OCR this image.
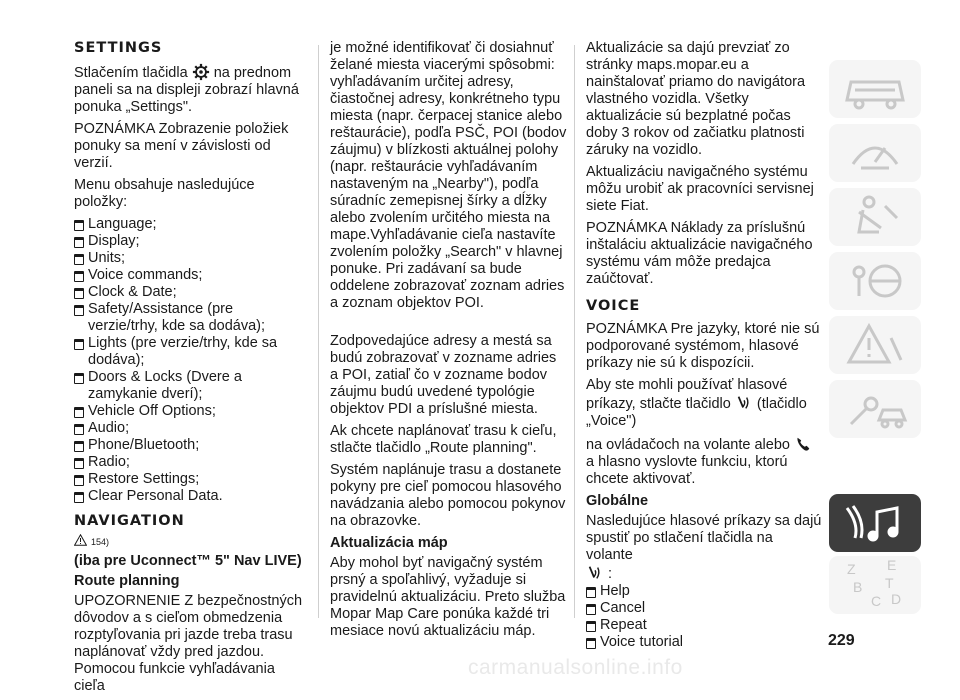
SETTINGS

Stlačením tlačidla na prednom paneli sa na displeji zobrazí hlavná ponuka „Settings".

POZNÁMKA Zobrazenie položiek ponuky sa mení v závislosti od verzií.

Menu obsahuje nasledujúce položky:

Language;
Display;
Units;
Voice commands;
Clock & Date;
Safety/Assistance (pre verzie/trhy, kde sa dodáva);
Lights (pre verzie/trhy, kde sa dodáva);
Doors & Locks (Dvere a zamykanie dverí);
Vehicle Off Options;
Audio;
Phone/Bluetooth;
Radio;
Restore Settings;
Clear Personal Data.
NAVIGATION
154)
(iba pre Uconnect™ 5" Nav LIVE)
Route planning

UPOZORNENIE Z bezpečnostných dôvodov a s cieľom obmedzenia rozptyľovania pri jazde treba trasu naplánovať vždy pred jazdou. Pomocou funkcie vyhľadávania cieľa

je možné identifikovať či dosiahnuť želané miesta viacerými spôsobmi: vyhľadávaním určitej adresy, čiastočnej adresy, konkrétneho typu miesta (napr. čerpacej stanice alebo reštaurácie), podľa PSČ, POI (bodov záujmu) v blízkosti aktuálnej polohy (napr. reštaurácie vyhľadávaním nastaveným na „Nearby"), podľa súradníc zemepisnej šírky a dĺžky alebo zvolením určitého miesta na mape.Vyhľadávanie cieľa nastavíte zvolením položky „Search" v hlavnej ponuke. Pri zadávaní sa bude oddelene zobrazovať zoznam adries a zoznam objektov POI.

Zodpovedajúce adresy a mestá sa budú zobrazovať v zozname adries a POI, zatiaľ čo v zozname bodov záujmu budú uvedené typológie objektov PDI a príslušné miesta.

Ak chcete naplánovať trasu k cieľu, stlačte tlačidlo „Route planning".

Systém naplánuje trasu a dostanete pokyny pre cieľ pomocou hlasového navádzania alebo pomocou pokynov na obrazovke.

Aktualizácia máp

Aby mohol byť navigačný systém prsný a spoľahlivý, vyžaduje si pravidelnú aktualizáciu. Preto služba Mopar Map Care ponúka každé tri mesiace novú aktualizáciu máp.

Aktualizácie sa dajú prevziať zo stránky maps.mopar.eu a nainštalovať priamo do navigátora vlastného vozidla. Všetky aktualizácie sú bezplatné počas doby 3 rokov od začiatku platnosti záruky na vozidlo.

Aktualizáciu navigačného systému môžu urobiť ak pracovníci servisnej siete Fiat.

POZNÁMKA Náklady za príslušnú inštaláciu aktualizácie navigačného systému vám môže predajca zaúčtovať.

VOICE

POZNÁMKA Pre jazyky, ktoré nie sú podporované systémom, hlasové príkazy nie sú k dispozícii.

Aby ste mohli používať hlasové príkazy, stlačte tlačidlo (tlačidlo „Voice")

na ovládačoch na volante alebo  a hlasno vyslovte funkciu, ktorú chcete aktivovať.

Globálne

Nasledujúce hlasové príkazy sa dajú spustiť po stlačení tlačidla na volante

:
Help
Cancel
Repeat
Voice tutorial
Z E
B
C
T
D
229
carmanualsonline.info
